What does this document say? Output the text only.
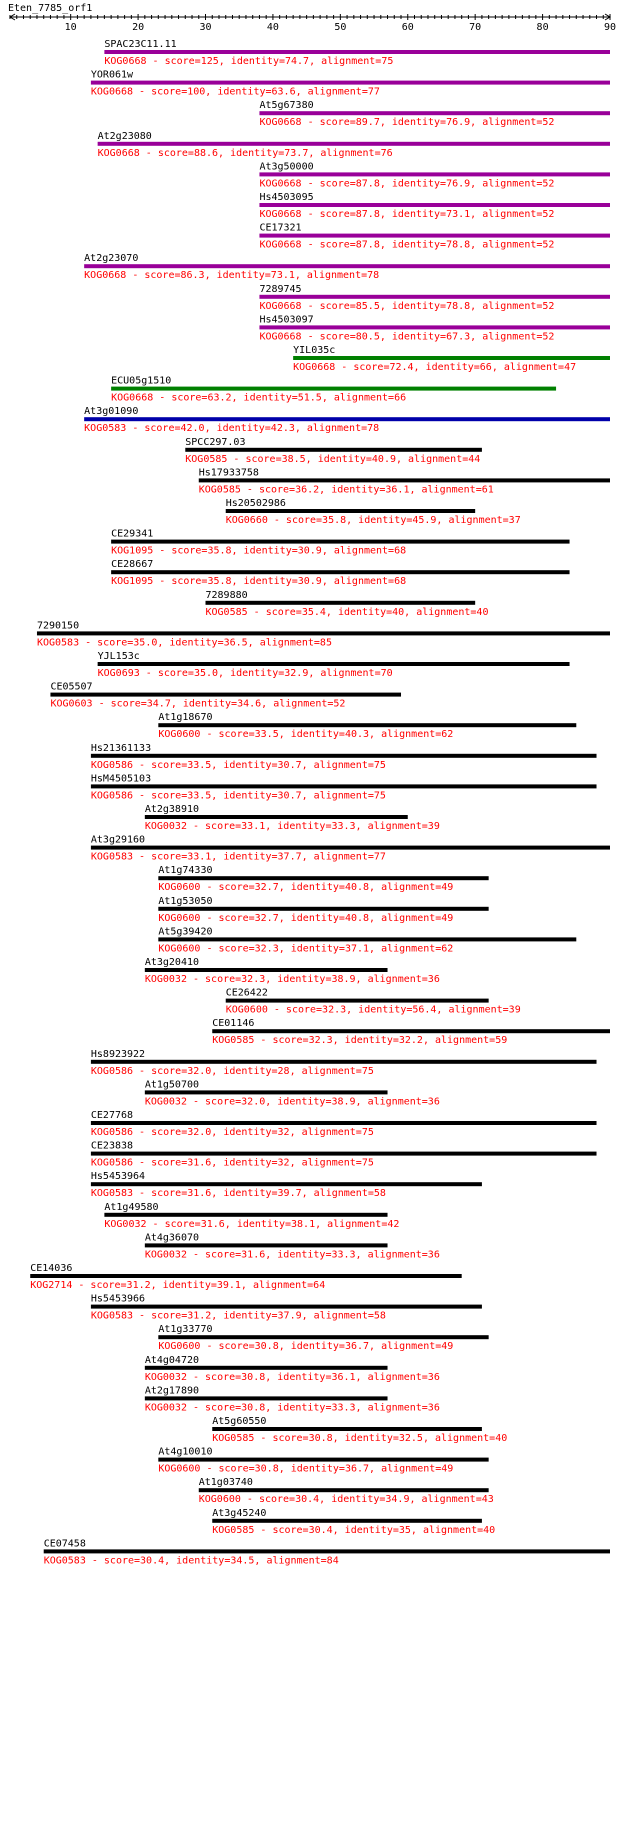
Eten_7785_orf1
10	20	30	40	50	60	70	80	90
SPAC23C11.11
KOG0668 - score=125, identity=74.7, alignment=75
YOR061w
KOG0668 - score=100, identity=63.6, alignment=77
At5g67380
KOG0668 - score=89.7, identity=76.9, alignment=52
At2g23080
KOG0668 - score=88.6, identity=73.7, alignment=76
At3g50000
KOG0668 - score=87.8, identity=76.9, alignment=52
Hs4503095
KOG0668 - score=87.8, identity=73.1, alignment=52
CE17321
KOG0668 - score=87.8, identity=78.8, alignment=52
At2g23070
KOG0668 - score=86.3, identity=73.1, alignment=78
7289745
KOG0668 - score=85.5, identity=78.8, alignment=52
Hs4503097
KOG0668 - score=80.5, identity=67.3, alignment=52
YIL035c
KOG0668 - score=72.4, identity=66, alignment=47
ECU05g1510
KOG0668 - score=63.2, identity=51.5, alignment=66
At3g01090
KOG0583 - score=42.0, identity=42.3, alignment=78
SPCC297.03
KOG0585 - score=38.5, identity=40.9, alignment=44
Hs17933758
KOG0585 - score=36.2, identity=36.1, alignment=61
Hs20502986
KOG0660 - score=35.8, identity=45.9, alignment=37
CE29341
KOG1095 - score=35.8, identity=30.9, alignment=68
CE28667
KOG1095 - score=35.8, identity=30.9, alignment=68
7289880
KOG0585 - score=35.4, identity=40, alignment=40
7290150
KOG0583 - score=35.0, identity=36.5, alignment=85
YJL153c
KOG0693 - score=35.0, identity=32.9, alignment=70
CE05507
KOG0603 - score=34.7, identity=34.6, alignment=52
At1g18670
KOG0600 - score=33.5, identity=40.3, alignment=62
Hs21361133
KOG0586 - score=33.5, identity=30.7, alignment=75
HsM4505103
KOG0586 - score=33.5, identity=30.7, alignment=75
At2g38910
KOG0032 - score=33.1, identity=33.3, alignment=39
At3g29160
KOG0583 - score=33.1, identity=37.7, alignment=77
At1g74330
KOG0600 - score=32.7, identity=40.8, alignment=49
At1g53050
KOG0600 - score=32.7, identity=40.8, alignment=49
At5g39420
KOG0600 - score=32.3, identity=37.1, alignment=62
At3g20410
KOG0032 - score=32.3, identity=38.9, alignment=36
CE26422
KOG0600 - score=32.3, identity=56.4, alignment=39
CE01146
KOG0585 - score=32.3, identity=32.2, alignment=59
Hs8923922
KOG0586 - score=32.0, identity=28, alignment=75
At1g50700
KOG0032 - score=32.0, identity=38.9, alignment=36
CE27768
KOG0586 - score=32.0, identity=32, alignment=75
CE23838
KOG0586 - score=31.6, identity=32, alignment=75
Hs5453964
KOG0583 - score=31.6, identity=39.7, alignment=58
At1g49580
KOG0032 - score=31.6, identity=38.1, alignment=42
At4g36070
KOG0032 - score=31.6, identity=33.3, alignment=36
CE14036
KOG2714 - score=31.2, identity=39.1, alignment=64
Hs5453966
KOG0583 - score=31.2, identity=37.9, alignment=58
At1g33770
KOG0600 - score=30.8, identity=36.7, alignment=49
At4g04720
KOG0032 - score=30.8, identity=36.1, alignment=36
At2g17890
KOG0032 - score=30.8, identity=33.3, alignment=36
At5g60550
KOG0585 - score=30.8, identity=32.5, alignment=40
At4g10010
KOG0600 - score=30.8, identity=36.7, alignment=49
At1g03740
KOG0600 - score=30.4, identity=34.9, alignment=43
At3g45240
KOG0585 - score=30.4, identity=35, alignment=40
CE07458
KOG0583 - score=30.4, identity=34.5, alignment=84
